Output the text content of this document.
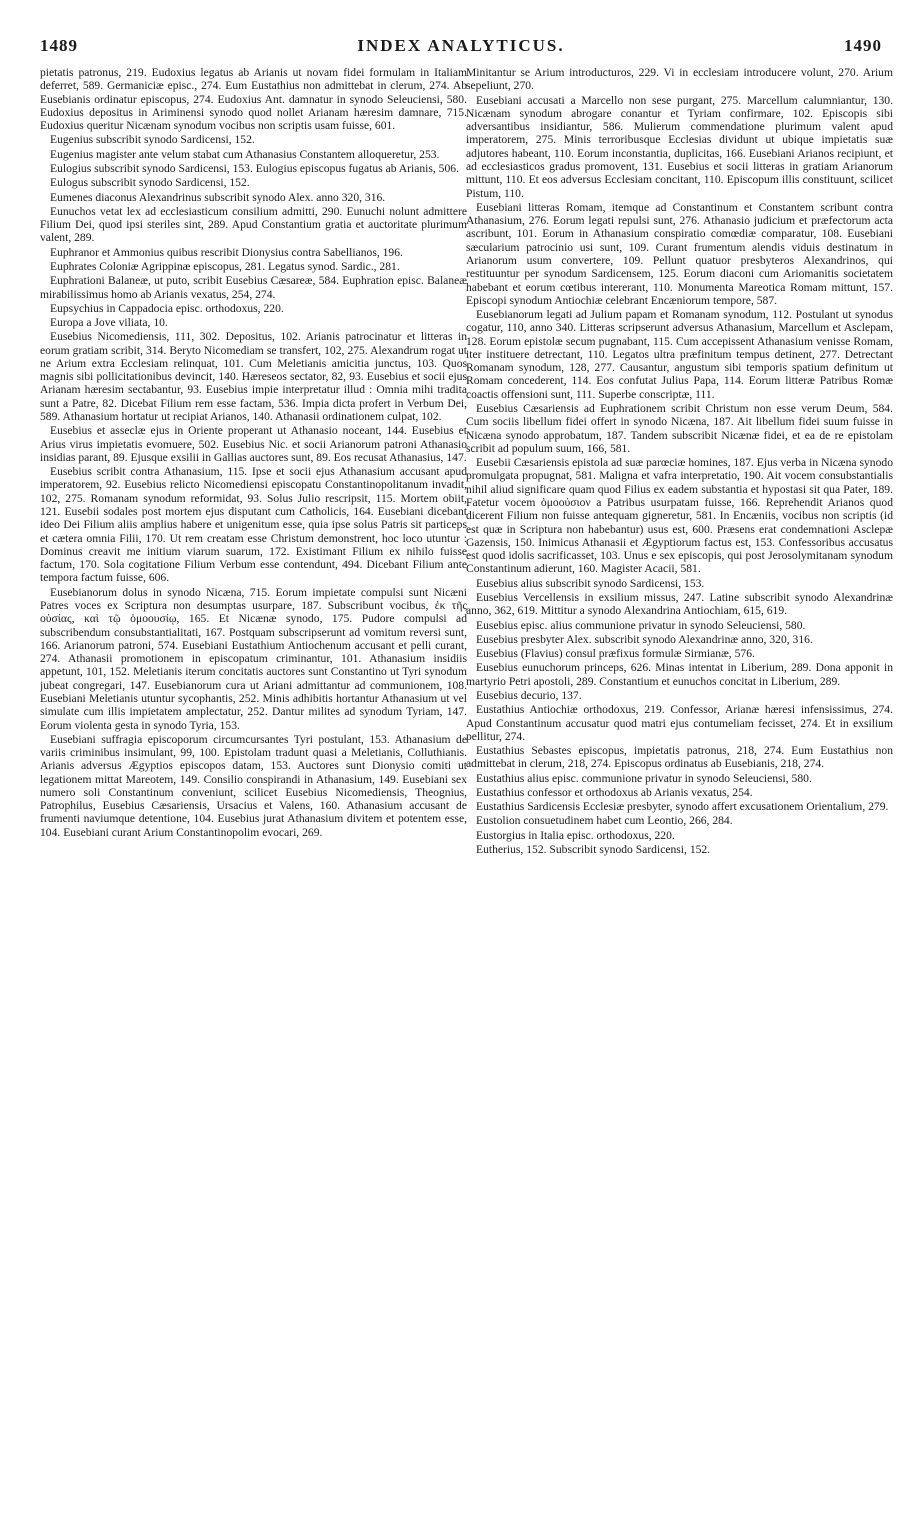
1489	INDEX ANALYTICUS.	1490

pietatis patronus, 219. Eudoxius legatus ab Arianis ut novam fidei formulam in Italiam deferret, 589. Germaniciæ episc., 274. Eum Eustathius non admittebat in clerum, 274. Ab Eusebianis ordinatur episcopus, 274. Eudoxius Ant. damnatur in synodo Seleuciensi, 580. Eudoxius depositus in Ariminensi synodo quod nollet Arianam hæresim damnare, 715. Eudoxius queritur Nicænam synodum vocibus non scriptis usam fuisse, 601.

Eugenius subscribit synodo Sardicensi, 152.

Eugenius magister ante velum stabat cum Athanasius Constantem alloqueretur, 253.

Eulogius subscribit synodo Sardicensi, 153. Eulogius episcopus fugatus ab Arianis, 506.

Eulogus subscribit synodo Sardicensi, 152.

Eumenes diaconus Alexandrinus subscribit synodo Alex. anno 320, 316.

Eunuchos vetat lex ad ecclesiasticum consilium admitti, 290. Eunuchi nolunt admittere Filium Dei, quod ipsi steriles sint, 289. Apud Constantium gratia et auctoritate plurimum valent, 289.

Euphranor et Ammonius quibus rescribit Dionysius contra Sabellianos, 196.

Euphrates Coloniæ Agrippinæ episcopus, 281. Legatus synod. Sardic., 281.

Euphrationi Balaneæ, ut puto, scribit Eusebius Cæsareæ, 584. Euphration episc. Balaneæ mirabilissimus homo ab Arianis vexatus, 254, 274.

Eupsychius in Cappadocia episc. orthodoxus, 220.

Europa a Jove viliata, 10.

Eusebius Nicomediensis, 111, 302. Depositus, 102. Arianis patrocinatur et litteras in eorum gratiam scribit, 314. Beryto Nicomediam se transfert, 102, 275. Alexandrum rogat ut ne Arium extra Ecclesiam relinquat, 101. Cum Meletianis amicitia junctus, 103. Quos magnis sibi pollicitationibus devincit, 140. Hæreseos sectator, 82, 93. Eusebius et socii ejus Arianam hæresim sectabantur, 93. Eusebius impie interpretatur illud : Omnia mihi tradita sunt a Patre, 82. Dicebat Filium rem esse factam, 536. Impia dicta profert in Verbum Dei, 589. Athanasium hortatur ut recipiat Arianos, 140. Athanasii ordinationem culpat, 102.

Eusebius et asseclæ ejus in Oriente properant ut Athanasio noceant, 144. Eusebius et Arius virus impietatis evomuere, 502. Eusebius Nic. et socii Arianorum patroni Athanasio insidias parant, 89. Ejusque exsilii in Gallias auctores sunt, 89. Eos recusat Athanasius, 147.

Eusebius scribit contra Athanasium, 115. Ipse et socii ejus Athanasium accusant apud imperatorem, 92. Eusebius relicto Nicomediensi episcopatu Constantinopolitanum invadit, 102, 275. Romanam synodum reformidat, 93. Solus Julio rescripsit, 115. Mortem obiit, 121. Eusebii sodales post mortem ejus disputant cum Catholicis, 164. Eusebiani dicebant ideo Dei Filium aliis amplius habere et unigenitum esse, quia ipse solus Patris sit particeps et cætera omnia Filii, 170. Ut rem creatam esse Christum demonstrent, hoc loco utuntur : Dominus creavit me initium viarum suarum, 172. Existimant Filium ex nihilo fuisse factum, 170. Sola cogitatione Filium Verbum esse contendunt, 494. Dicebant Filium ante tempora factum fuisse, 606.

Eusebianorum dolus in synodo Nicæna, 715. Eorum impietate compulsi sunt Nicæni Patres voces ex Scriptura non desumptas usurpare, 187. Subscribunt vocibus, ἐκ τῆς οὐσίας, καὶ τῷ ὁμοουσίῳ, 165. Et Nicænæ synodo, 175. Pudore compulsi ad subscribendum consubstantialitati, 167. Postquam subscripserunt ad vomitum reversi sunt, 166. Arianorum patroni, 574. Eusebiani Eustathium Antiochenum accusant et pelli curant, 274. Athanasii promotionem in episcopatum criminantur, 101. Athanasium insidiis appetunt, 101, 152. Meletianis iterum concitatis auctores sunt Constantino ut Tyri synodum jubeat congregari, 147. Eusebianorum cura ut Ariani admittantur ad communionem, 108. Eusebiani Meletianis utuntur sycophantis, 252. Minis adhibitis hortantur Athanasium ut vel simulate cum illis impietatem amplectatur, 252. Dantur milites ad synodum Tyriam, 147. Eorum violenta gesta in synodo Tyria, 153.

Eusebiani suffragia episcoporum circumcursantes Tyri postulant, 153. Athanasium de variis criminibus insimulant, 99, 100. Epistolam tradunt quasi a Meletianis, Colluthianis. Arianis adversus Ægyptios episcopos datam, 153. Auctores sunt Dionysio comiti ut legationem mittat Mareotem, 149. Consilio conspirandi in Athanasium, 149. Eusebiani sex numero soli Constantinum conveniunt, scilicet Eusebius Nicomediensis, Theognius, Patrophilus, Eusebius Cæsariensis, Ursacius et Valens, 160. Athanasium accusant de frumenti naviumque detentione, 104. Eusebius jurat Athanasium divitem et potentem esse, 104. Eusebiani curant Arium Constantinopolim evocari, 269.

Minitantur se Arium introducturos, 229. Vi in ecclesiam introducere volunt, 270. Arium sepeliunt, 270.

Eusebiani accusati a Marcello non sese purgant, 275. Marcellum calumniantur, 130. Nicænam synodum abrogare conantur et Tyriam confirmare, 102. Episcopis sibi adversantibus insidiantur, 586. Mulierum commendatione plurimum valent apud imperatorem, 275. Minis terroribusque Ecclesias dividunt ut ubique impietatis suæ adjutores habeant, 110. Eorum inconstantia, duplicitas, 166. Eusebiani Arianos recipiunt, et ad ecclesiasticos gradus promovent, 131. Eusebius et socii litteras in gratiam Arianorum mittunt, 110. Et eos adversus Ecclesiam concitant, 110. Episcopum illis constituunt, scilicet Pistum, 110.

Eusebiani litteras Romam, itemque ad Constantinum et Constantem scribunt contra Athanasium, 276. Eorum legati repulsi sunt, 276. Athanasio judicium et præfectorum acta ascribunt, 101. Eorum in Athanasium conspiratio comœdiæ comparatur, 108. Eusebiani sæcularium patrocinio usi sunt, 109. Curant frumentum alendis viduis destinatum in Arianorum usum convertere, 109. Pellunt quatuor presbyteros Alexandrinos, qui restituuntur per synodum Sardicensem, 125. Eorum diaconi cum Ariomanitis societatem habebant et eorum cœtibus intererant, 110. Monumenta Mareotica Romam mittunt, 157. Episcopi synodum Antiochiæ celebrant Encæniorum tempore, 587.

Eusebianorum legati ad Julium papam et Romanam synodum, 112. Postulant ut synodus cogatur, 110, anno 340. Litteras scripserunt adversus Athanasium, Marcellum et Asclepam, 128. Eorum epistolæ secum pugnabant, 115. Cum accepissent Athanasium venisse Romam, iter instituere detrectant, 110. Legatos ultra præfinitum tempus detinent, 277. Detrectant Romanam synodum, 128, 277. Causantur, angustum sibi temporis spatium definitum ut Romam concederent, 114. Eos confutat Julius Papa, 114. Eorum litteræ Patribus Romæ coactis offensioni sunt, 111. Superbe conscriptæ, 111.

Eusebius Cæsariensis ad Euphrationem scribit Christum non esse verum Deum, 584. Cum sociis libellum fidei offert in synodo Nicæna, 187. Ait libellum fidei suum fuisse in Nicæna synodo approbatum, 187. Tandem subscribit Nicænæ fidei, et ea de re epistolam scribit ad populum suum, 166, 581.

Eusebii Cæsariensis epistola ad suæ parœciæ homines, 187. Ejus verba in Nicæna synodo promulgata propugnat, 581. Maligna et vafra interpretatio, 190. Ait vocem consubstantialis nihil aliud significare quam quod Filius ex eadem substantia et hypostasi sit qua Pater, 189. Fatetur vocem ὁμοούσιον a Patribus usurpatam fuisse, 166. Reprehendit Arianos quod dicerent Filium non fuisse antequam gigneretur, 581. In Encæniis, vocibus non scriptis (id est quæ in Scriptura non habebantur) usus est, 600. Præsens erat condemnationi Asclepæ Gazensis, 150. Inimicus Athanasii et Ægyptiorum factus est, 153. Confessoribus accusatus est quod idolis sacrificasset, 103. Unus e sex episcopis, qui post Jerosolymitanam synodum Constantinum adierunt, 160. Magister Acacii, 581.

Eusebius alius subscribit synodo Sardicensi, 153.

Eusebius Vercellensis in exsilium missus, 247. Latine subscribit synodo Alexandrinæ anno, 362, 619. Mittitur a synodo Alexandrina Antiochiam, 615, 619.

Eusebius episc. alius communione privatur in synodo Seleuciensi, 580.

Eusebius presbyter Alex. subscribit synodo Alexandrinæ anno, 320, 316.

Eusebius (Flavius) consul præfixus formulæ Sirmianæ, 576.

Eusebius eunuchorum princeps, 626. Minas intentat in Liberium, 289. Dona apponit in martyrio Petri apostoli, 289. Constantium et eunuchos concitat in Liberium, 289.

Eusebius decurio, 137.

Eustathius Antiochiæ orthodoxus, 219. Confessor, Arianæ hæresi infensissimus, 274. Apud Constantinum accusatur quod matri ejus contumeliam fecisset, 274. Et in exsilium pellitur, 274.

Eustathius Sebastes episcopus, impietatis patronus, 218, 274. Eum Eustathius non admittebat in clerum, 218, 274. Episcopus ordinatus ab Eusebianis, 218, 274.

Eustathius alius episc. communione privatur in synodo Seleuciensi, 580.

Eustathius confessor et orthodoxus ab Arianis vexatus, 254.

Eustathius Sardicensis Ecclesiæ presbyter, synodo affert excusationem Orientalium, 279.

Eustolion consuetudinem habet cum Leontio, 266, 284.

Eustorgius in Italia episc. orthodoxus, 220.

Eutherius, 152. Subscribit synodo Sardicensi, 152.
